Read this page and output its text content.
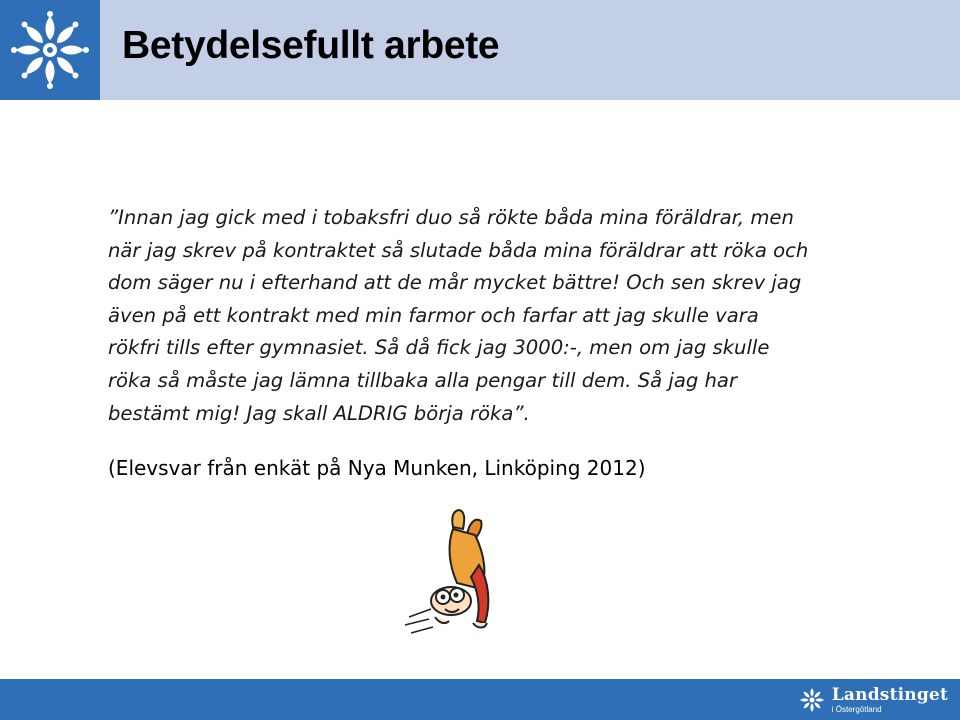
Betydelsefullt arbete

”Innan jag gick med i tobaksfri duo så rökte båda mina föräldrar, men
när jag skrev på kontraktet så slutade båda mina föräldrar att röka och
dom säger nu i efterhand att de mår mycket bättre! Och sen skrev jag
även på ett kontrakt med min farmor och farfar att jag skulle vara
rökfri tills efter gymnasiet. Så då fick jag 3000:-, men om jag skulle
röka så måste jag lämna tillbaka alla pengar till dem. Så jag har
bestämt mig! Jag skall ALDRIG börja röka”.

(Elevsvar från enkät på Nya Munken, Linköping 2012)

Landstinget
i Östergötland
